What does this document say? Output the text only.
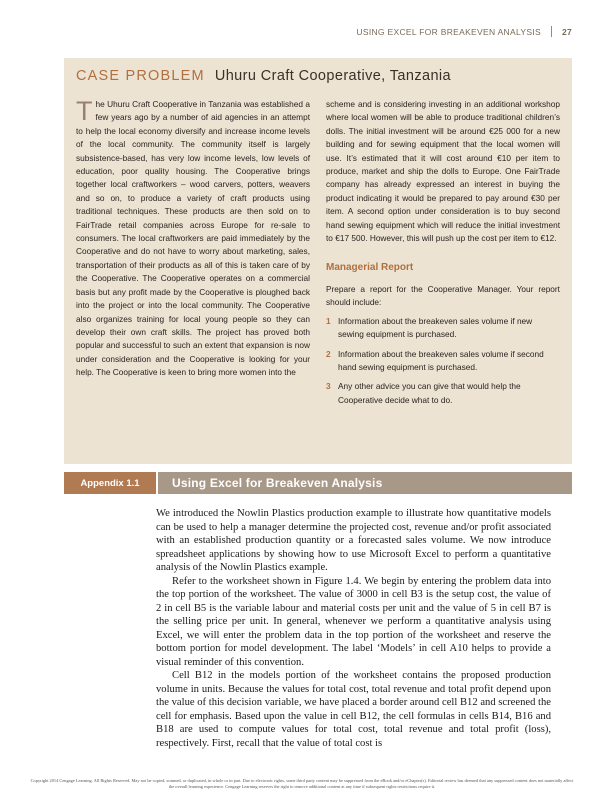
USING EXCEL FOR BREAKEVEN ANALYSIS 27
CASE PROBLEM Uhuru Craft Cooperative, Tanzania

The Uhuru Craft Cooperative in Tanzania was established a few years ago by a number of aid agencies in an attempt to help the local economy diversify and increase income levels of the local community. The community itself is largely subsistence-based, has very low income levels, low levels of education, poor quality housing. The Cooperative brings together local craftworkers – wood carvers, potters, weavers and so on, to produce a variety of craft products using traditional techniques. These products are then sold on to FairTrade retail companies across Europe for re-sale to consumers. The local craftworkers are paid immediately by the Cooperative and do not have to worry about marketing, sales, transportation of their products as all of this is taken care of by the Cooperative. The Cooperative operates on a commercial basis but any profit made by the Cooperative is ploughed back into the project or into the local community. The Cooperative also organizes training for local young people so they can develop their own craft skills. The project has proved both popular and successful to such an extent that expansion is now under consideration and the Cooperative is looking for your help. The Cooperative is keen to bring more women into the

scheme and is considering investing in an additional workshop where local women will be able to produce traditional children’s dolls. The initial investment will be around €25 000 for a new building and for sewing equipment that the local women will use. It’s estimated that it will cost around €10 per item to produce, market and ship the dolls to Europe. One FairTrade company has already expressed an interest in buying the product indicating it would be prepared to pay around €30 per item. A second option under consideration is to buy second hand sewing equipment which will reduce the initial investment to €17 500. However, this will push up the cost per item to €12.

Managerial Report

Prepare a report for the Cooperative Manager. Your report should include:

1 Information about the breakeven sales volume if new sewing equipment is purchased.
2 Information about the breakeven sales volume if second hand sewing equipment is purchased.
3 Any other advice you can give that would help the Cooperative decide what to do.
Appendix 1.1	Using Excel for Breakeven Analysis

We introduced the Nowlin Plastics production example to illustrate how quantitative models can be used to help a manager determine the projected cost, revenue and/or profit associated with an established production quantity or a forecasted sales volume. We now introduce spreadsheet applications by showing how to use Microsoft Excel to perform a quantitative analysis of the Nowlin Plastics example.

Refer to the worksheet shown in Figure 1.4. We begin by entering the problem data into the top portion of the worksheet. The value of 3000 in cell B3 is the setup cost, the value of 2 in cell B5 is the variable labour and material costs per unit and the value of 5 in cell B7 is the selling price per unit. In general, whenever we perform a quantitative analysis using Excel, we will enter the problem data in the top portion of the worksheet and reserve the bottom portion for model development. The label ‘Models’ in cell A10 helps to provide a visual reminder of this convention.

Cell B12 in the models portion of the worksheet contains the proposed production volume in units. Because the values for total cost, total revenue and total profit depend upon the value of this decision variable, we have placed a border around cell B12 and screened the cell for emphasis. Based upon the value in cell B12, the cell formulas in cells B14, B16 and B18 are used to compute values for total cost, total revenue and total profit (loss), respectively. First, recall that the value of total cost is

Copyright 2014 Cengage Learning. All Rights Reserved. May not be copied, scanned, or duplicated, in whole or in part. Due to electronic rights, some third party content may be suppressed from the eBook and/or eChapter(s). Editorial review has deemed that any suppressed content does not materially affect the overall learning experience. Cengage Learning reserves the right to remove additional content at any time if subsequent rights restrictions require it.
